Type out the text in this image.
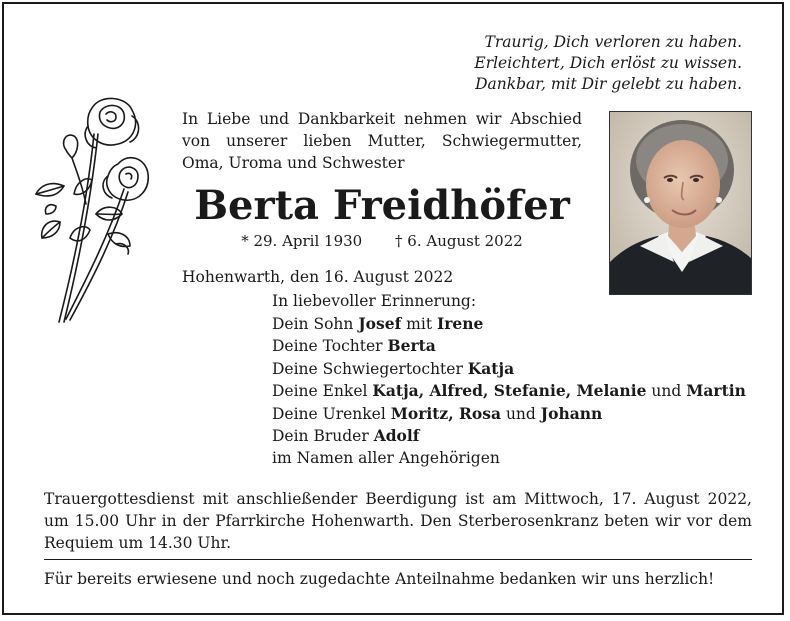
Traurig, Dich verloren zu haben.
Erleichtert, Dich erlöst zu wissen.
Dankbar, mit Dir gelebt zu haben.
In Liebe und Dankbarkeit nehmen wir Abschied von unserer lieben Mutter, Schwiegermutter, Oma, Uroma und Schwester
Berta Freidhöfer
* 29. April 1930 † 6. August 2022
Hohenwarth, den 16. August 2022
In liebevoller Erinnerung:
Dein Sohn Josef mit Irene
Deine Tochter Berta
Deine Schwiegertochter Katja
Deine Enkel Katja, Alfred, Stefanie, Melanie und Martin
Deine Urenkel Moritz, Rosa und Johann
Dein Bruder Adolf
im Namen aller Angehörigen
Trauergottesdienst mit anschließender Beerdigung ist am Mittwoch, 17. August 2022, um 15.00 Uhr in der Pfarrkirche Hohenwarth. Den Sterberosenkranz beten wir vor dem Requiem um 14.30 Uhr.
Für bereits erwiesene und noch zugedachte Anteilnahme bedanken wir uns herzlich!
